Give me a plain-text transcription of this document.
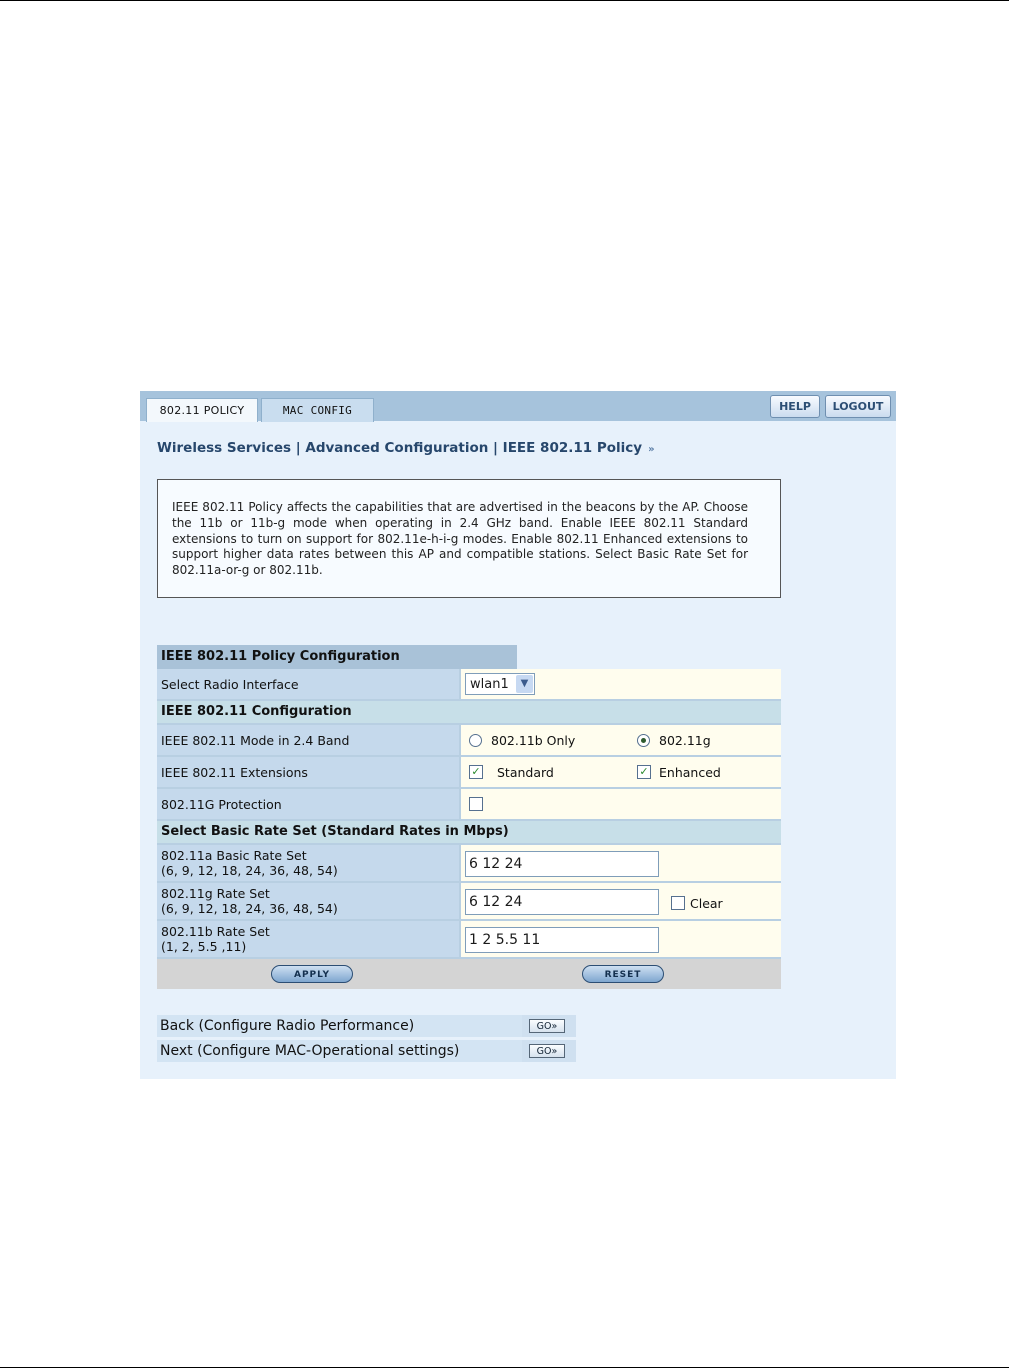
802.11 POLICY	MAC CONFIG	HELP	LOGOUT
Wireless Services | Advanced Configuration | IEEE 802.11 Policy »

IEEE 802.11 Policy affects the capabilities that are advertised in the beacons by the AP. Choose the 11b or 11b-g mode when operating in 2.4 GHz band. Enable IEEE 802.11 Standard extensions to turn on support for 802.11e-h-i-g modes. Enable 802.11 Enhanced extensions to support higher data rates between this AP and compatible stations. Select Basic Rate Set for 802.11a-or-g or 802.11b.

IEEE 802.11 Policy Configuration
Select Radio Interface	wlan1	▼
IEEE 802.11 Configuration
IEEE 802.11 Mode in 2.4 Band	802.11b Only	802.11g
IEEE 802.11 Extensions	✓ Standard	✓ Enhanced
802.11G Protection
Select Basic Rate Set (Standard Rates in Mbps)
802.11a Basic Rate Set
(6, 9, 12, 18, 24, 36, 48, 54)	6 12 24
802.11g Rate Set
(6, 9, 12, 18, 24, 36, 48, 54)	6 12 24	Clear
802.11b Rate Set
(1, 2, 5.5 ,11)	1 2 5.5 11
APPLY	RESET
Back (Configure Radio Performance)	GO»
Next (Configure MAC-Operational settings)	GO»
